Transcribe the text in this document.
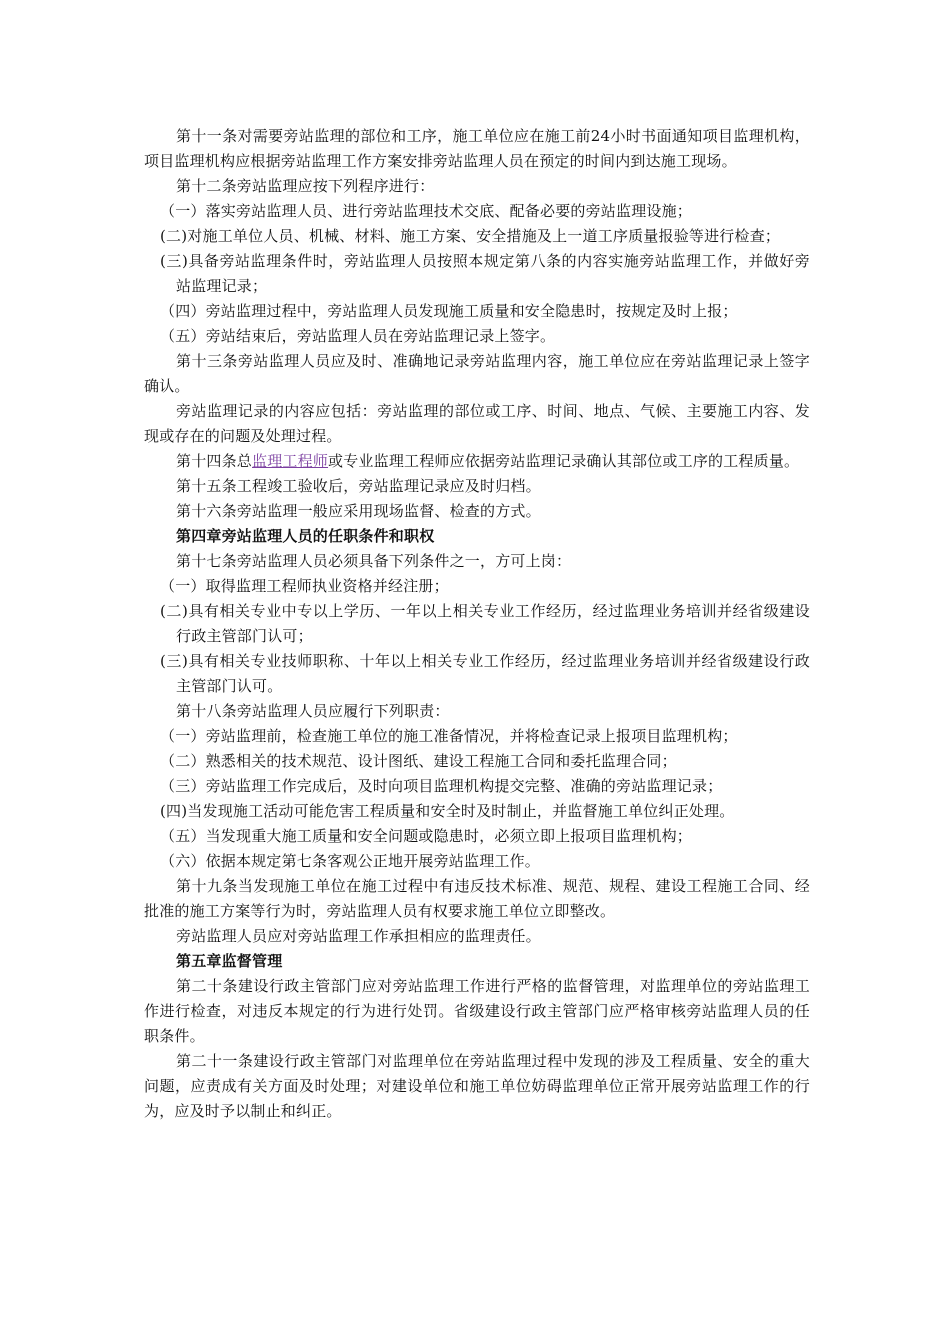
第十一条对需要旁站监理的部位和工序，施工单位应在施工前24小时书面通知项目监理机构，项目监理机构应根据旁站监理工作方案安排旁站监理人员在预定的时间内到达施工现场。

第十二条旁站监理应按下列程序进行：

（一）落实旁站监理人员、进行旁站监理技术交底、配备必要的旁站监理设施；

(二)对施工单位人员、机械、材料、施工方案、安全措施及上一道工序质量报验等进行检查；

(三)具备旁站监理条件时，旁站监理人员按照本规定第八条的内容实施旁站监理工作，并做好旁站监理记录；

（四）旁站监理过程中，旁站监理人员发现施工质量和安全隐患时，按规定及时上报；

（五）旁站结束后，旁站监理人员在旁站监理记录上签字。

第十三条旁站监理人员应及时、准确地记录旁站监理内容，施工单位应在旁站监理记录上签字确认。

旁站监理记录的内容应包括：旁站监理的部位或工序、时间、地点、气候、主要施工内容、发现或存在的问题及处理过程。

第十四条总监理工程师或专业监理工程师应依据旁站监理记录确认其部位或工序的工程质量。

第十五条工程竣工验收后，旁站监理记录应及时归档。

第十六条旁站监理一般应采用现场监督、检查的方式。

第四章旁站监理人员的任职条件和职权

第十七条旁站监理人员必须具备下列条件之一，方可上岗：

（一）取得监理工程师执业资格并经注册；

(二)具有相关专业中专以上学历、一年以上相关专业工作经历，经过监理业务培训并经省级建设行政主管部门认可；

(三)具有相关专业技师职称、十年以上相关专业工作经历，经过监理业务培训并经省级建设行政主管部门认可。

第十八条旁站监理人员应履行下列职责：

（一）旁站监理前，检查施工单位的施工准备情况，并将检查记录上报项目监理机构；

（二）熟悉相关的技术规范、设计图纸、建设工程施工合同和委托监理合同；

（三）旁站监理工作完成后，及时向项目监理机构提交完整、准确的旁站监理记录；

(四)当发现施工活动可能危害工程质量和安全时及时制止，并监督施工单位纠正处理。

（五）当发现重大施工质量和安全问题或隐患时，必须立即上报项目监理机构；

（六）依据本规定第七条客观公正地开展旁站监理工作。

第十九条当发现施工单位在施工过程中有违反技术标准、规范、规程、建设工程施工合同、经批准的施工方案等行为时，旁站监理人员有权要求施工单位立即整改。

旁站监理人员应对旁站监理工作承担相应的监理责任。

第五章监督管理

第二十条建设行政主管部门应对旁站监理工作进行严格的监督管理，对监理单位的旁站监理工作进行检查，对违反本规定的行为进行处罚。省级建设行政主管部门应严格审核旁站监理人员的任职条件。

第二十一条建设行政主管部门对监理单位在旁站监理过程中发现的涉及工程质量、安全的重大问题，应责成有关方面及时处理；对建设单位和施工单位妨碍监理单位正常开展旁站监理工作的行为，应及时予以制止和纠正。
